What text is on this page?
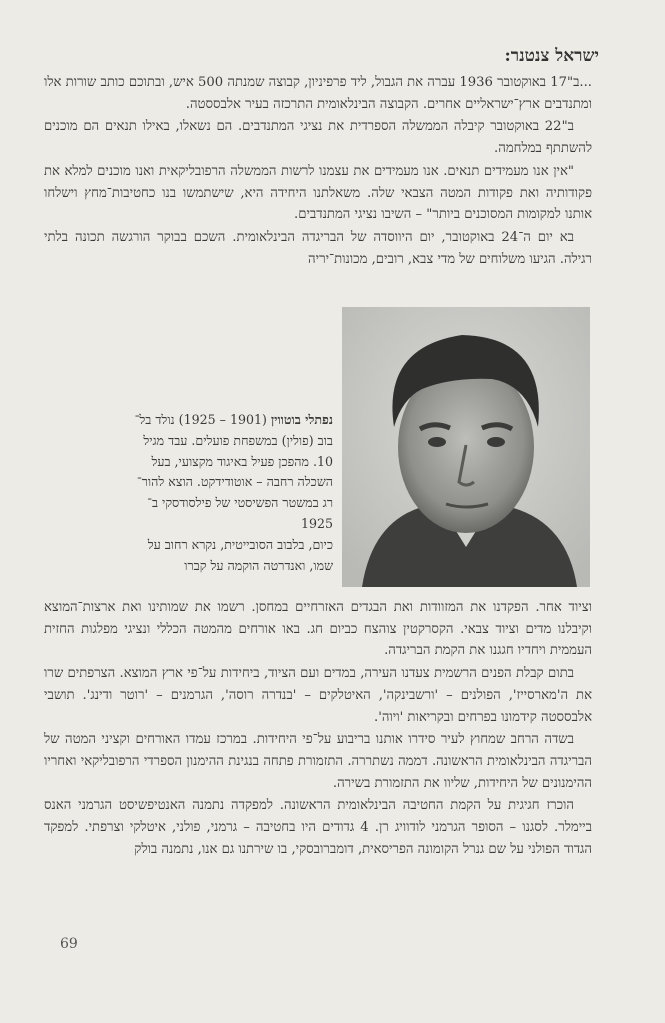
ישראל צנטנר:

...ב"17 באוקטובר 1936 עברה את הגבול, ליד פרפיניון, קבוצה שמנתה 500 איש, ובתוכם כותב שורות אלו ומתנדבים ארץ־ישראליים אחרים. הקבוצה הבינלאומית התרכזה בעיר אלבססטה.

ב"22 באוקטובר קיבלה הממשלה הספרדית את נציגי המתנדבים. הם נשאלו, באילו תנאים הם מוכנים להשתתף במלחמה.

"אין אנו מעמידים תנאים. אנו מעמידים את עצמנו לרשות הממשלה הרפובליקאית ואנו מוכנים למלא את פקודותיה ואת פקודות המטה הצבאי שלה. משאלתנו היחידה היא, שישתמשו בנו כחטיבות־מחץ וישלחו אותנו למקומות המסוכנים ביותר" – השיבו נציגי המתנדבים.

בא יום ה־24 באוקטובר, יום היווסדה של הבריגדה הבינלאומית. השכם בבוקר הורגשה תכונה בלתי רגילה. הגיעו משלוחים של מדי צבא, רובים, מכונות־יריה

נפתלי בוטווין (1901 – 1925) נולד בל־
בוב (פולין) במשפחת פועלים. עבד מגיל
10. מהפכן פעיל באיגוד מקצועי, בעל
השכלה רחבה – אוטודידקט. הוצא להור־
רג במשטר הפשיסטי של פילסודסקי ב־
1925
כיום, בלבוב הסובייטית, נקרא רחוב על
שמו, ואנדרטה הוקמה על קברו

וציוד אחר. הפקדנו את המזוודות ואת הבגדים האזרחיים במחסן. רשמו את שמותינו ואת ארצות־המוצא וקיבלנו מדים וציוד צבאי. הקסרקטין צוהצח כביום חג. באו אורחים מהמטה הכללי ונציגי מפלגות החזית העממית ויחדיו חגגנו את הקמת הבריגדה.

בתום קבלת הפנים הרשמית צעדנו העירה, במדים ועם הציוד, ביחידות על־פי ארץ המוצא. הצרפתים שרו את ה'מארסייז', הפולנים – 'ורשבינקה', האיטלקים – 'בנדרה רוסה', הגרמנים – 'רוטר ודינג'. תושבי אלבססטה קידמונו בפרחים ובקריאות 'ויוה'.

בשדה הרחב שמחוץ לעיר סידרו אותנו בריבוע על־פי היחידות. במרכז עמדו האורחים וקציני המטה של הבריגדה הבינלאומית הראשונה. דממה נשתררה. התזמורת פתחה בנגינת ההימנון הספרדי הרפובליקאי ואחריו ההימנונים של היחידות, שליוו את התזמורת בשירה.

הוכרז חגיגית על הקמת החטיבה הבינלאומית הראשונה. למפקדה נתמנה האנטיפשיסט הגרמני האנס ביימלר. לסגנו – הסופר הגרמני לודוויג רן. 4 גדודים היו בחטיבה – גרמני, פולני, איטלקי וצרפתי. למפקד הגדוד הפולני על שם גנרל הקומונה הפריסאית, דומברובסקי, בו שירתנו גם אנו, נתמנה בולק

69
